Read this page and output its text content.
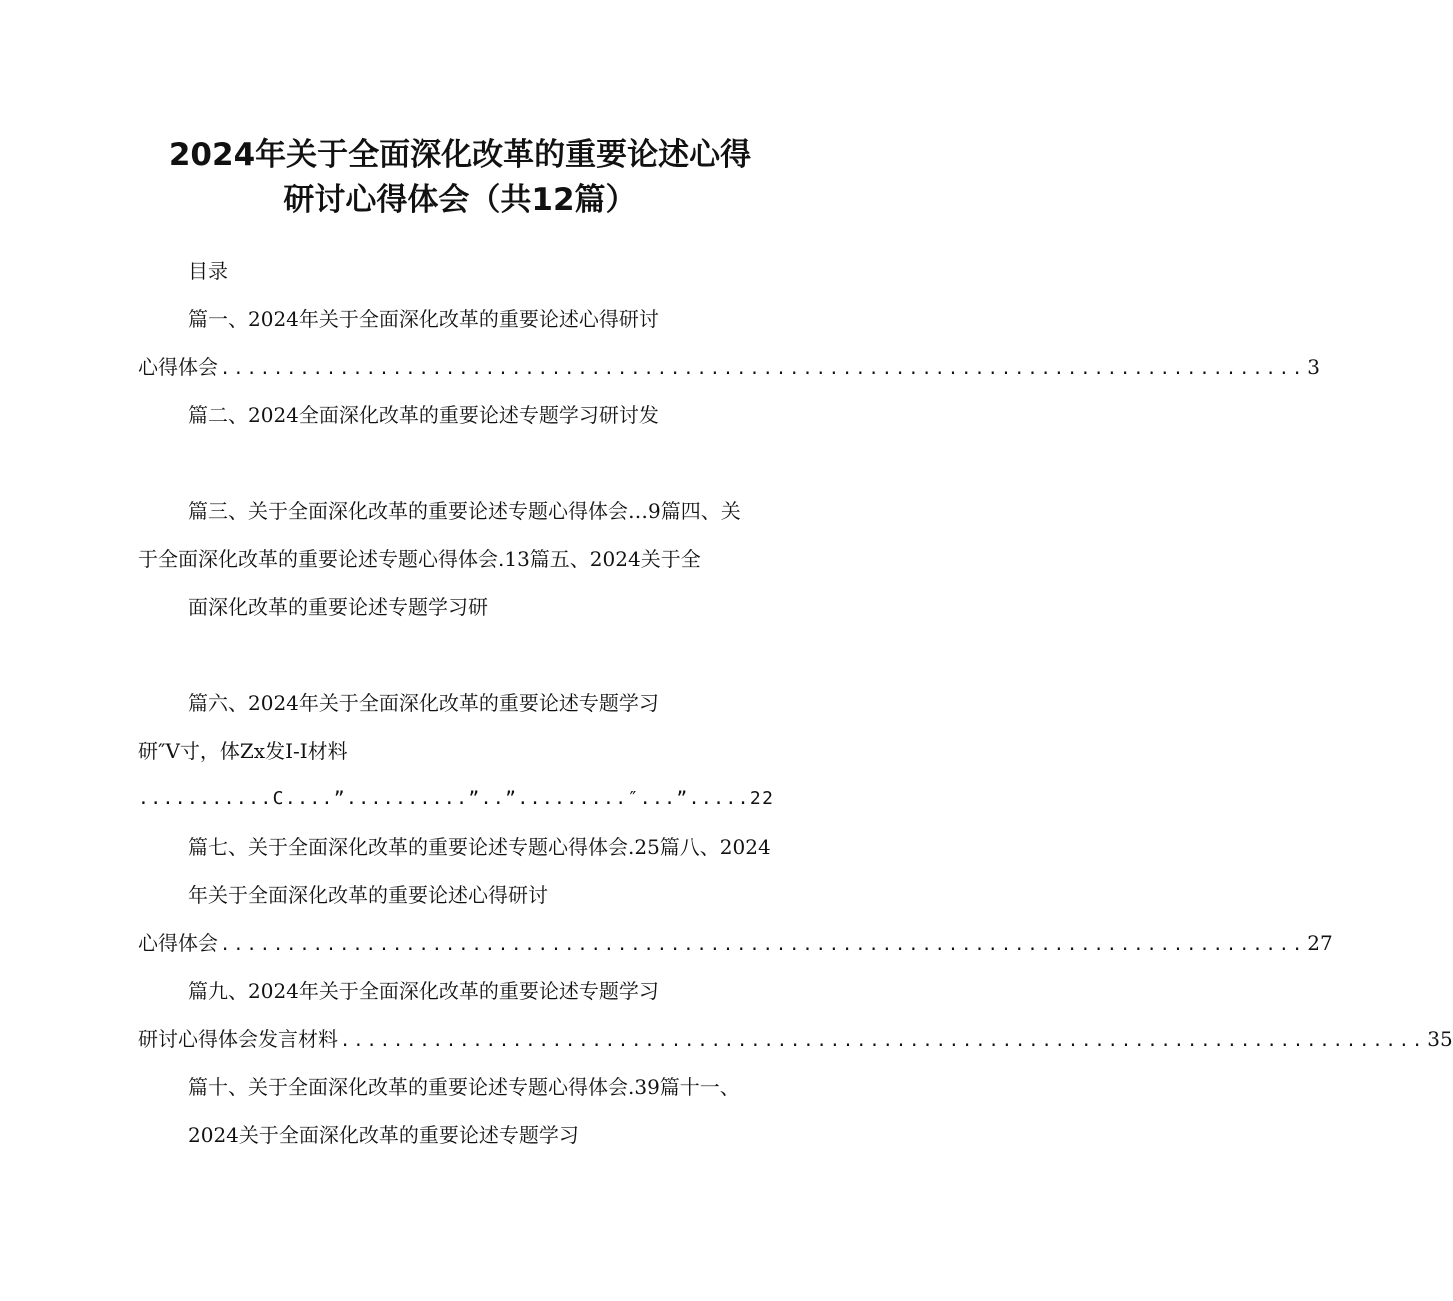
2024年关于全面深化改革的重要论述心得
研讨心得体会（共12篇）
目录
篇一、2024年关于全面深化改革的重要论述心得研讨
心得体会 .................................................................................. 3
篇二、2024全面深化改革的重要论述专题学习研讨发
篇三、关于全面深化改革的重要论述专题心得体会…9篇四、关
于全面深化改革的重要论述专题心得体会.13篇五、2024关于全
面深化改革的重要论述专题学习研
篇六、2024年关于全面深化改革的重要论述专题学习
研″V寸，体Zx发I-I材料
...........C....”..........”..”.........″...”.....22
篇七、关于全面深化改革的重要论述专题心得体会.25篇八、2024
年关于全面深化改革的重要论述心得研讨
心得体会 .................................................................................. 27
篇九、2024年关于全面深化改革的重要论述专题学习
研讨心得体会发言材料 .................................................................................. 35
篇十、关于全面深化改革的重要论述专题心得体会.39篇十一、
2024关于全面深化改革的重要论述专题学习
